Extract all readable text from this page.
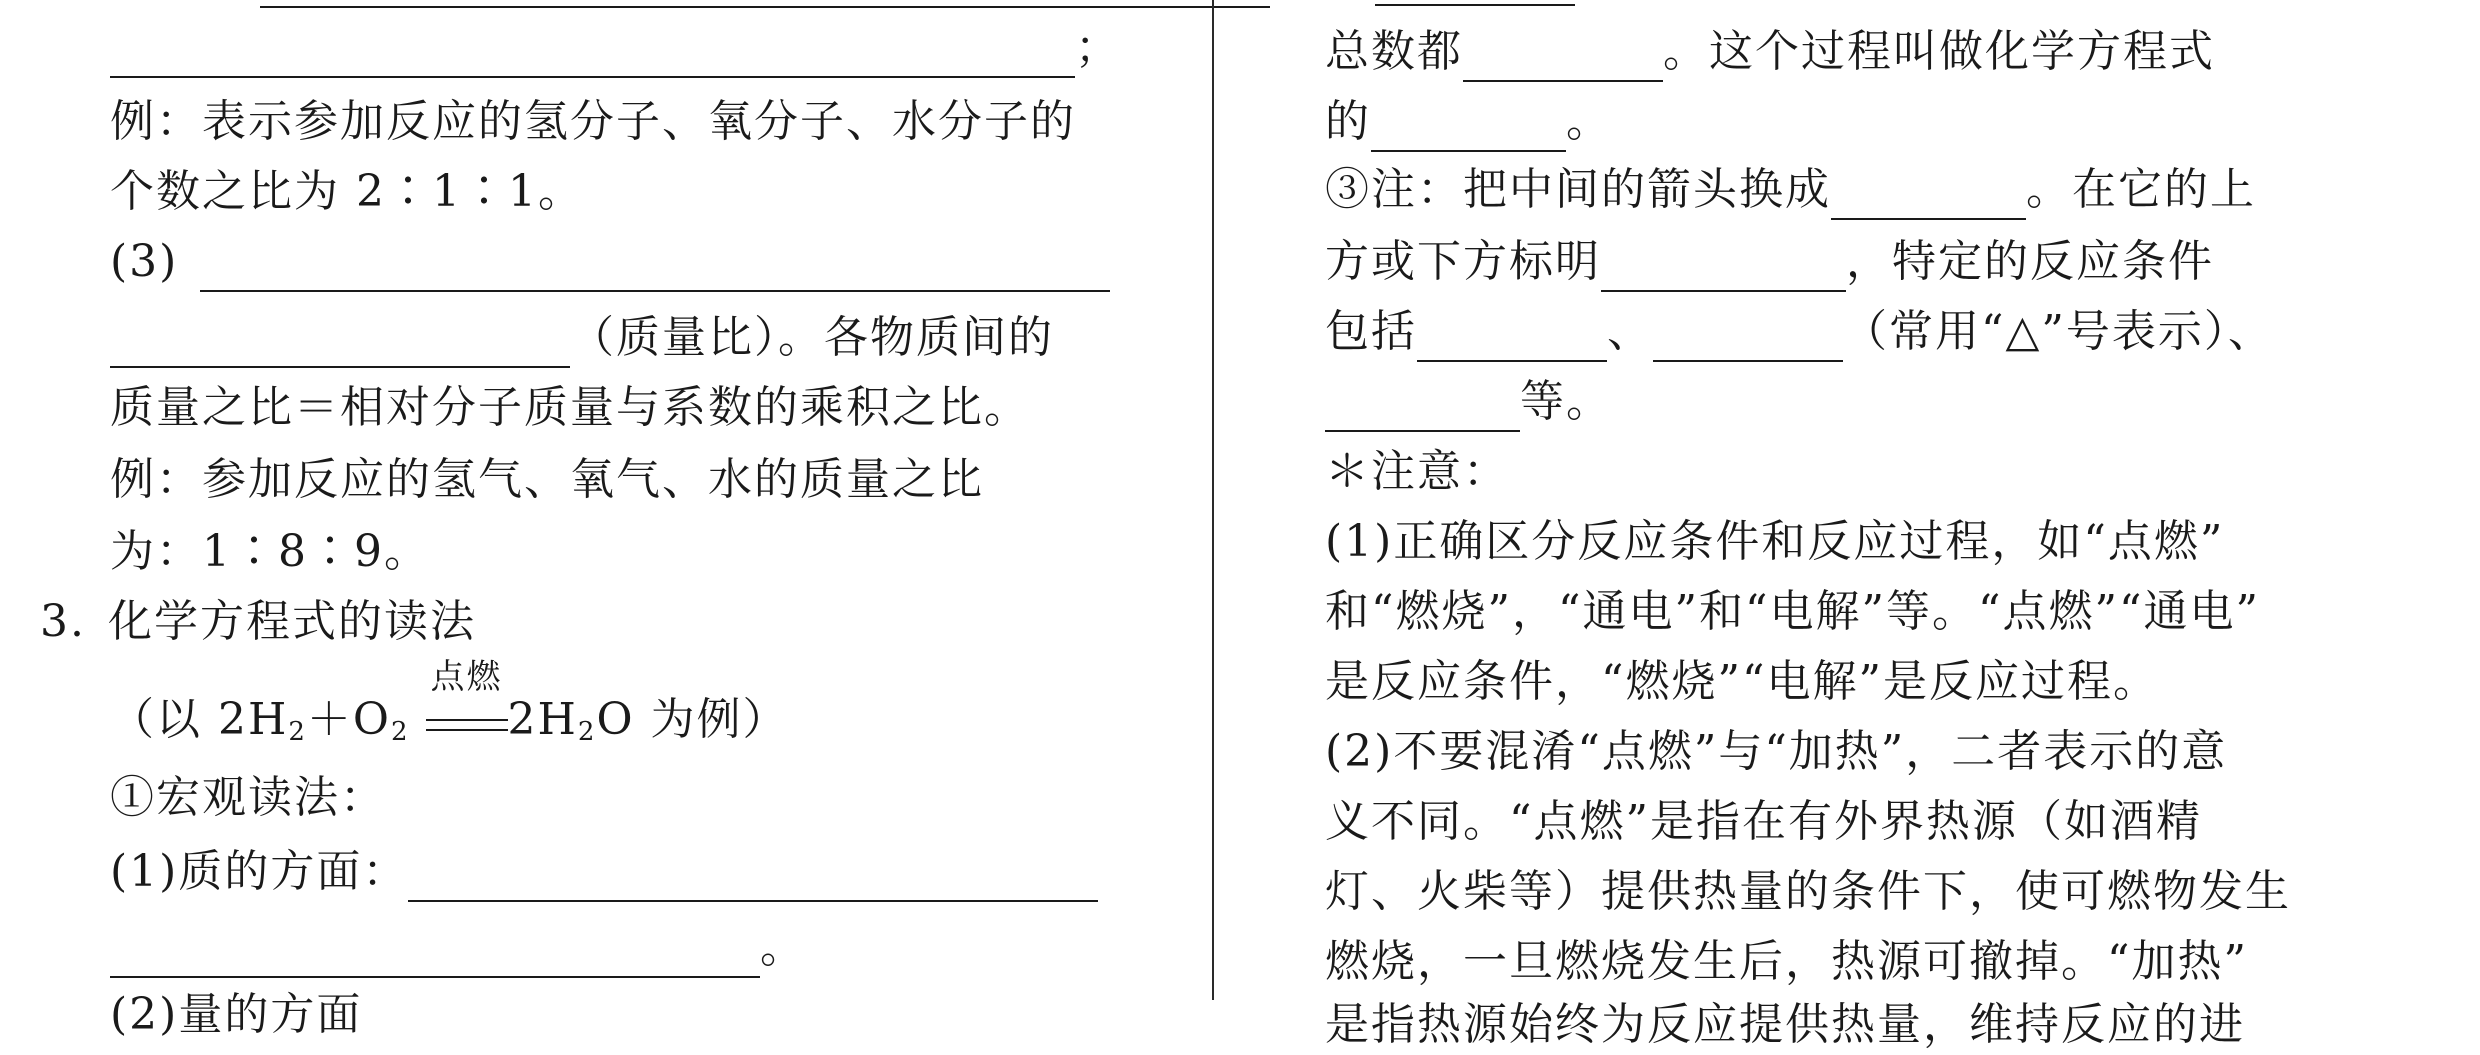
；
例：表示参加反应的氢分子、氧分子、水分子的
个数之比为 2∶1∶1。
(3)
（质量比）。各物质间的
质量之比＝相对分子质量与系数的乘积之比。
例：参加反应的氢气、氧气、水的质量之比
为：1∶8∶9。
3. 化学方程式的读法
（以 $2H_2+O_2$
点燃
$2H_2O$ 为例）
①宏观读法：
(1)质的方面：
。
(2)量的方面
总数都	。这个过程叫做化学方程式
的	。
③注：把中间的箭头换成	。在它的上
方或下方标明	，特定的反应条件
包括	、	（常用“△”号表示）、
等。
＊注意：
(1)正确区分反应条件和反应过程，如“点燃”
和“燃烧”，“通电”和“电解”等。“点燃”“通电”
是反应条件，“燃烧”“电解”是反应过程。
(2)不要混淆“点燃”与“加热”，二者表示的意
义不同。“点燃”是指在有外界热源（如酒精
灯、火柴等）提供热量的条件下，使可燃物发生
燃烧，一旦燃烧发生后，热源可撤掉。“加热”
是指热源始终为反应提供热量，维持反应的进
